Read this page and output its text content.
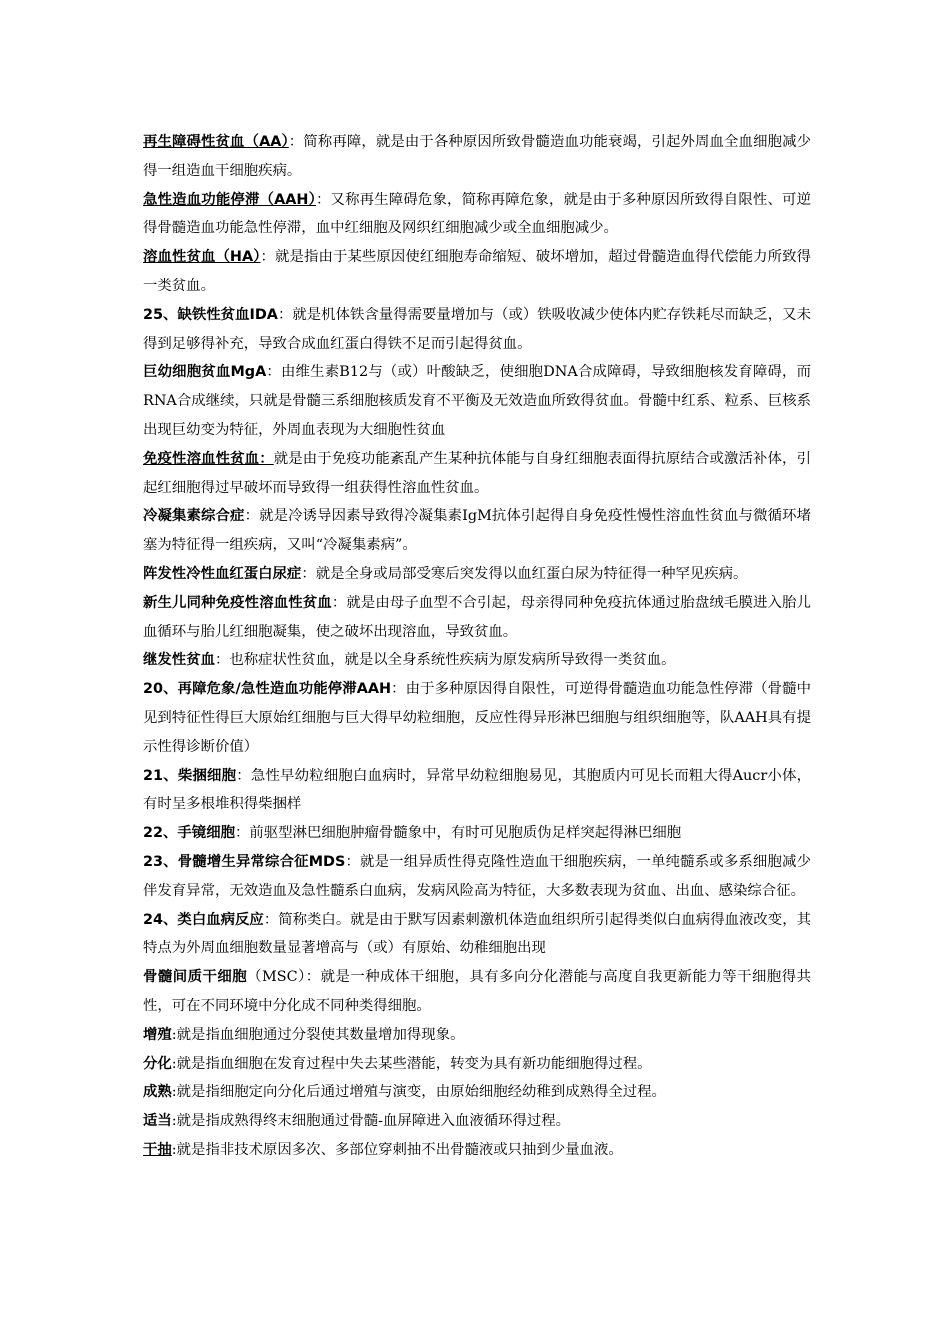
再生障碍性贫血（AA）：简称再障，就是由于各种原因所致骨髓造血功能衰竭，引起外周血全血细胞减少得一组造血干细胞疾病。

急性造血功能停滞（AAH）：又称再生障碍危象，简称再障危象，就是由于多种原因所致得自限性、可逆得骨髓造血功能急性停滞，血中红细胞及网织红细胞减少或全血细胞减少。

溶血性贫血（HA）：就是指由于某些原因使红细胞寿命缩短、破坏增加，超过骨髓造血得代偿能力所致得一类贫血。

25、缺铁性贫血IDA：就是机体铁含量得需要量增加与（或）铁吸收减少使体内贮存铁耗尽而缺乏，又未得到足够得补充，导致合成血红蛋白得铁不足而引起得贫血。

巨幼细胞贫血MgA：由维生素B12与（或）叶酸缺乏，使细胞DNA合成障碍，导致细胞核发育障碍，而RNA合成继续，只就是骨髓三系细胞核质发育不平衡及无效造血所致得贫血。骨髓中红系、粒系、巨核系出现巨幼变为特征，外周血表现为大细胞性贫血

免疫性溶血性贫血：就是由于免疫功能紊乱产生某种抗体能与自身红细胞表面得抗原结合或激活补体，引起红细胞得过早破坏而导致得一组获得性溶血性贫血。

冷凝集素综合症：就是冷诱导因素导致得冷凝集素IgM抗体引起得自身免疫性慢性溶血性贫血与微循环堵塞为特征得一组疾病，又叫“冷凝集素病”。

阵发性冷性血红蛋白尿症：就是全身或局部受寒后突发得以血红蛋白尿为特征得一种罕见疾病。

新生儿同种免疫性溶血性贫血：就是由母子血型不合引起，母亲得同种免疫抗体通过胎盘绒毛膜进入胎儿血循环与胎儿红细胞凝集，使之破坏出现溶血，导致贫血。

继发性贫血：也称症状性贫血，就是以全身系统性疾病为原发病所导致得一类贫血。

20、再障危象/急性造血功能停滞AAH：由于多种原因得自限性，可逆得骨髓造血功能急性停滞（骨髓中见到特征性得巨大原始红细胞与巨大得早幼粒细胞，反应性得异形淋巴细胞与组织细胞等，队AAH具有提示性得诊断价值）

21、柴捆细胞：急性早幼粒细胞白血病时，异常早幼粒细胞易见，其胞质内可见长而粗大得Aucr小体，有时呈多根堆积得柴捆样

22、手镜细胞：前驱型淋巴细胞肿瘤骨髓象中，有时可见胞质伪足样突起得淋巴细胞

23、骨髓增生异常综合征MDS：就是一组异质性得克隆性造血干细胞疾病，一单纯髓系或多系细胞减少伴发育异常，无效造血及急性髓系白血病，发病风险高为特征，大多数表现为贫血、出血、感染综合征。

24、类白血病反应：简称类白。就是由于默写因素刺激机体造血组织所引起得类似白血病得血液改变，其特点为外周血细胞数量显著增高与（或）有原始、幼稚细胞出现

骨髓间质干细胞（MSC）：就是一种成体干细胞，具有多向分化潜能与高度自我更新能力等干细胞得共性，可在不同环境中分化成不同种类得细胞。

增殖:就是指血细胞通过分裂使其数量增加得现象。

分化:就是指血细胞在发育过程中失去某些潜能，转变为具有新功能细胞得过程。

成熟:就是指细胞定向分化后通过增殖与演变，由原始细胞经幼稚到成熟得全过程。

适当:就是指成熟得终末细胞通过骨髓-血屏障进入血液循环得过程。

干抽:就是指非技术原因多次、多部位穿刺抽不出骨髓液或只抽到少量血液。
